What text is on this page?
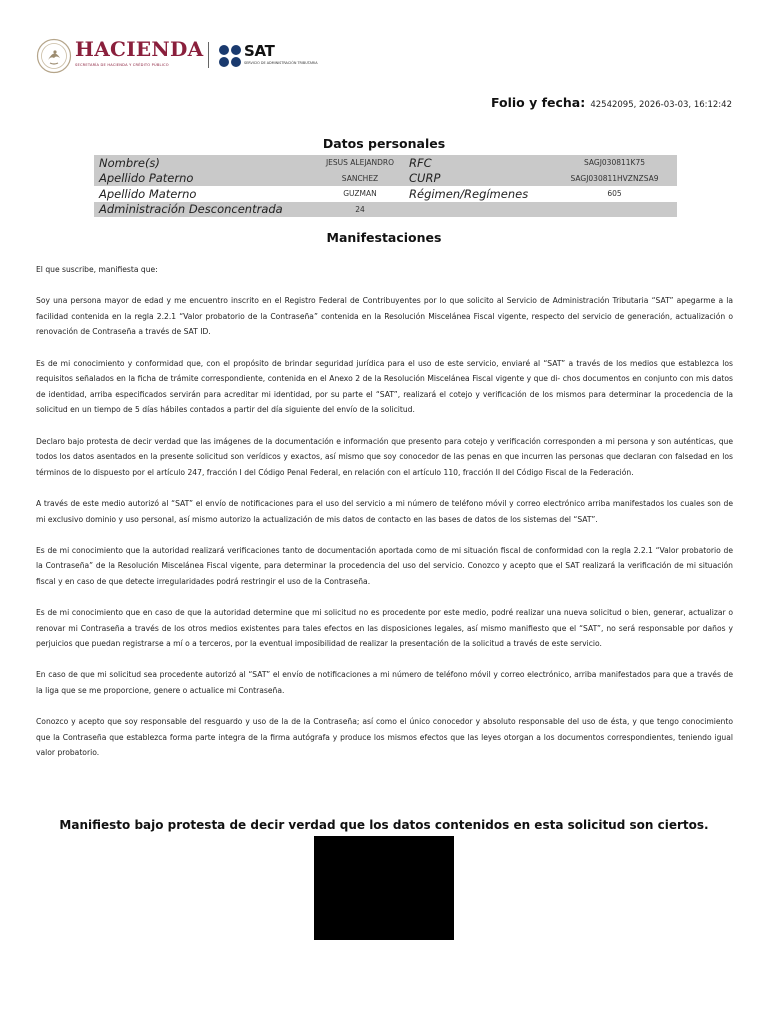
HACIENDA
SECRETARÍA DE HACIENDA Y CRÉDITO PÚBLICO
SAT
SERVICIO DE ADMINISTRACIÓN TRIBUTARIA
Folio y fecha: 42542095, 2026-03-03, 16:12:42
Datos personales
Nombre(s)	JESUS ALEJANDRO	RFC	SAGJ030811K75
Apellido Paterno	SANCHEZ	CURP	SAGJ030811HVZNZSA9
Apellido Materno	GUZMAN	Régimen/Regímenes	605
Administración Desconcentrada	24		
Manifestaciones

El que suscribe, manifiesta que:

Soy una persona mayor de edad y me encuentro inscrito en el Registro Federal de Contribuyentes por lo que solicito al Servicio de Administración Tributaria “SAT” apegarme a la facilidad contenida en la regla 2.2.1 “Valor probatorio de la Contraseña” contenida en la Resolución Miscelánea Fiscal vigente, respecto del servicio de generación, actualización o renovación de Contraseña a través de SAT ID.

Es de mi conocimiento y conformidad que, con el propósito de brindar seguridad jurídica para el uso de este servicio, enviaré al “SAT” a través de los medios que establezca los requisitos señalados en la ficha de trámite correspondiente, contenida en el Anexo 2 de la Resolución Miscelánea Fiscal vigente y que di- chos documentos en conjunto con mis datos de identidad, arriba especificados servirán para acreditar mi identidad, por su parte el “SAT”, realizará el cotejo y verificación de los mismos para determinar la procedencia de la solicitud en un tiempo de 5 días hábiles contados a partir del día siguiente del envío de la solicitud.

Declaro bajo protesta de decir verdad que las imágenes de la documentación e información que presento para cotejo y verificación corresponden a mi persona y son auténticas, que todos los datos asentados en la presente solicitud son verídicos y exactos, así mismo que soy conocedor de las penas en que incurren las personas que declaran con falsedad en los términos de lo dispuesto por el artículo 247, fracción I del Código Penal Federal, en relación con el artículo 110, fracción II del Código Fiscal de la Federación.

A través de este medio autorizó al “SAT” el envío de notificaciones para el uso del servicio a mi número de teléfono móvil y correo electrónico arriba manifestados los cuales son de mi exclusivo dominio y uso personal, así mismo autorizo la actualización de mis datos de contacto en las bases de datos de los sistemas del “SAT”.

Es de mi conocimiento que la autoridad realizará verificaciones tanto de documentación aportada como de mi situación fiscal de conformidad con la regla 2.2.1 “Valor probatorio de la Contraseña” de la Resolución Miscelánea Fiscal vigente, para determinar la procedencia del uso del servicio. Conozco y acepto que el SAT realizará la verificación de mi situación fiscal y en caso de que detecte irregularidades podrá restringir el uso de la Contraseña.

Es de mi conocimiento que en caso de que la autoridad determine que mi solicitud no es procedente por este medio, podré realizar una nueva solicitud o bien, generar, actualizar o renovar mi Contraseña a través de los otros medios existentes para tales efectos en las disposiciones legales, así mismo manifiesto que el “SAT”, no será responsable por daños y perjuicios que puedan registrarse a mí o a terceros, por la eventual imposibilidad de realizar la presentación de la solicitud a través de este servicio.

En caso de que mi solicitud sea procedente autorizó al “SAT” el envío de notificaciones a mi número de teléfono móvil y correo electrónico, arriba manifestados para que a través de la liga que se me proporcione, genere o actualice mi Contraseña.

Conozco y acepto que soy responsable del resguardo y uso de la de la Contraseña; así como el único conocedor y absoluto responsable del uso de ésta, y que tengo conocimiento que la Contraseña que establezca forma parte integra de la firma autógrafa y produce los mismos efectos que las leyes otorgan a los documentos correspondientes, teniendo igual valor probatorio.

Manifiesto bajo protesta de decir verdad que los datos contenidos en esta solicitud son ciertos.
